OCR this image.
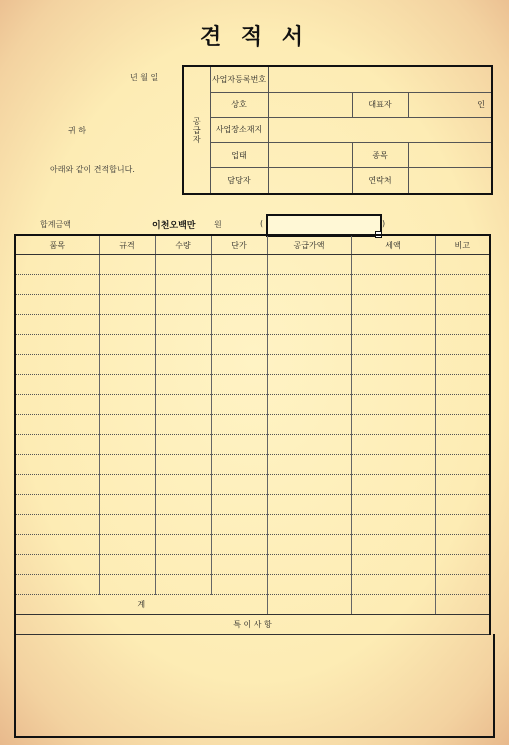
견 적 서
년 월 일
귀 하
아래와 같이 견적합니다.
공
급
자	사업자등록번호			
	상호		대표자	인
	사업장소재지			
	업태		종목	
	담당자		연락처	
합계금액	이천오백만 원	(	)
품목	규격	수량	단가	공급가액	세액	비고

계						
특 이 사 항						
